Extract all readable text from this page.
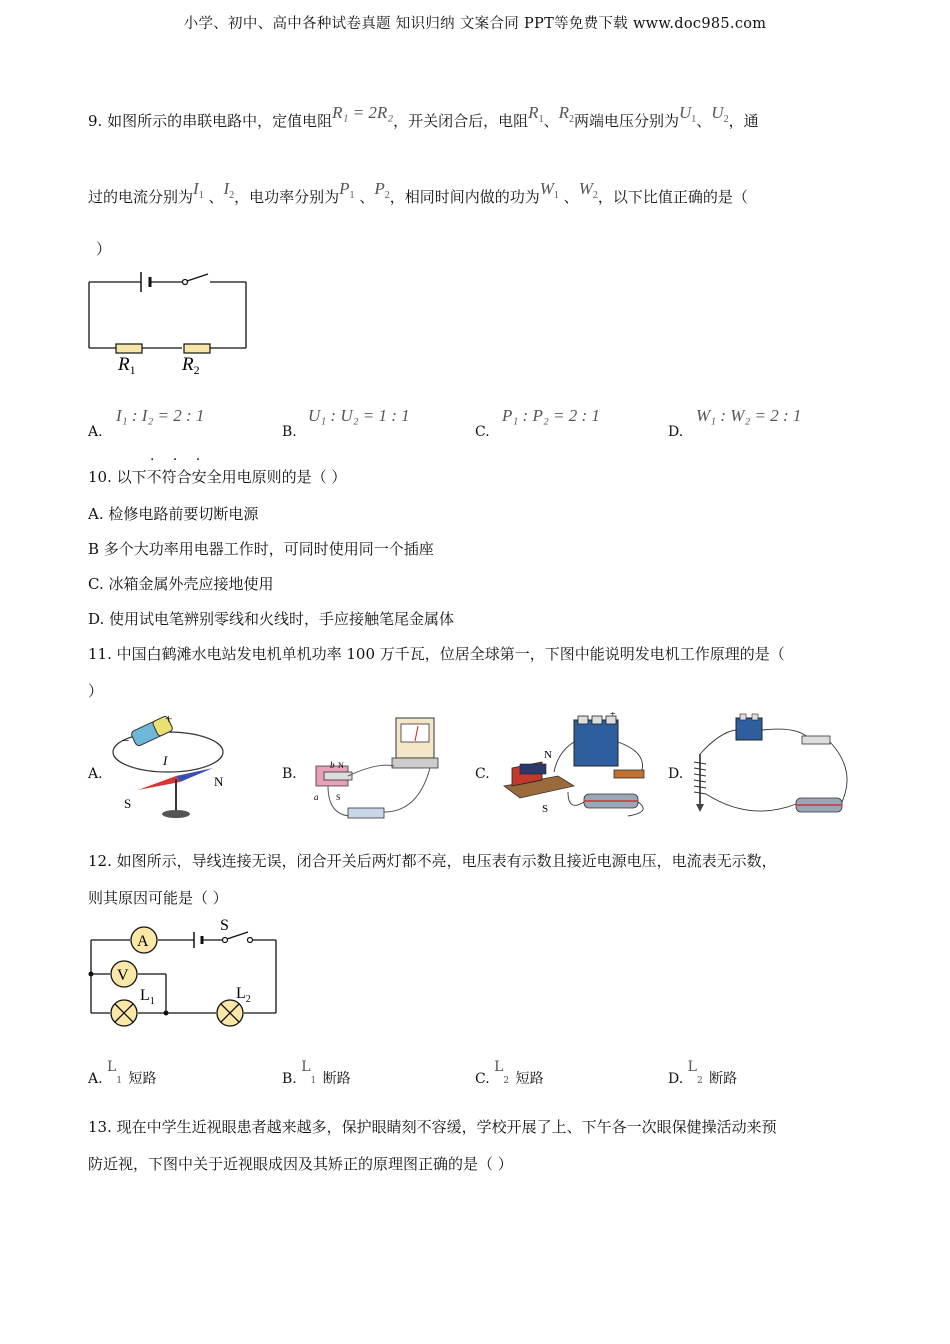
小学、初中、高中各种试卷真题 知识归纳 文案合同 PPT等免费下载 www.doc985.com
9. 如图所示的串联电路中，定值电阻R₁ = 2R₂，开关闭合后，电阻$R_1$、$R_2$两端电压分别为$U_1$、$U_2$，通
过的电流分别为$I_1$ 、$I_2$，电功率分别为$P_1$ 、$P_2$，相同时间内做的功为$W_1$ 、$W_2$，以下比值正确的是（
）
$R_1$ $R_2$
A.
I₁ : I₂ = 2 : 1
B.
U₁ : U₂ = 1 : 1
C.
P₁ : P₂ = 2 : 1
D.
W₁ : W₂ = 2 : 1
· · ·
10. 以下不符合安全用电原则的是（ ）
A. 检修电路前要切断电源
B 多个大功率用电器工作时，可同时使用同一个插座
C. 冰箱金属外壳应接地使用
D. 使用试电笔辨别零线和火线时，手应接触笔尾金属体
11. 中国白鹤滩水电站发电机单机功率 100 万千瓦，位居全球第一，下图中能说明发电机工作原理的是（
）
A.	B.	C.	D.
+
−
I
N
S
N
S
a
b
+
N
S
12. 如图所示，导线连接无误，闭合开关后两灯都不亮，电压表有示数且接近电源电压，电流表无示数，
则其原因可能是（ ）
A
V
S
$L_1$	$L_2$
A. L1 短路	B. L1 断路	C. L2 短路	D. L2 断路
13. 现在中学生近视眼患者越来越多，保护眼睛刻不容缓，学校开展了上、下午各一次眼保健操活动来预
防近视，下图中关于近视眼成因及其矫正的原理图正确的是（ ）
